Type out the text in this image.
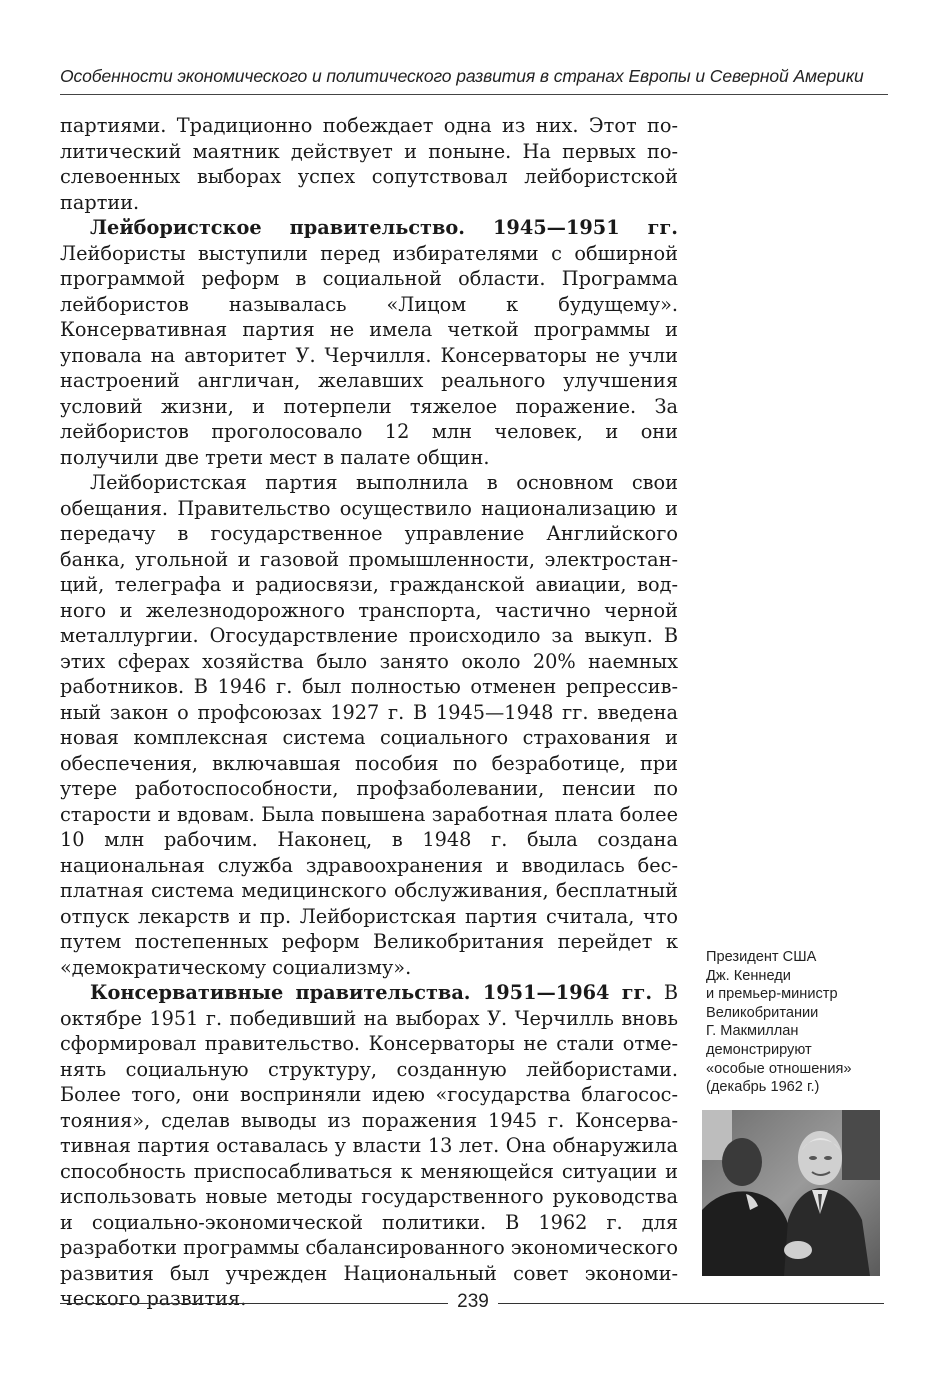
Особенности экономического и политического развития в странах Европы и Северной Америки

партиями. Традиционно побеждает одна из них. Этот политический маятник действует и поныне. На первых послевоенных выборах успех сопутствовал лейбористской партии.

Лейбористское правительство. 1945—1951 гг. Лейбористы выступили перед избирателями с обширной программой реформ в социальной области. Программа лейбористов называлась «Лицом к будущему». Консервативная партия не имела четкой программы и уповала на авторитет У. Черчилля. Консерваторы не учли настроений англичан, желавших реального улучшения условий жизни, и потерпели тяжелое поражение. За лейбористов проголосовало 12 млн человек, и они получили две трети мест в палате общин.

Лейбористская партия выполнила в основном свои обещания. Правительство осуществило национализацию и передачу в государственное управление Английского банка, угольной и газовой промышленности, электростанций, телеграфа и радиосвязи, гражданской авиации, водного и железнодорожного транспорта, частично черной металлургии. Огосударствление происходило за выкуп. В этих сферах хозяйства было занято около 20% наемных работников. В 1946 г. был полностью отменен репрессивный закон о профсоюзах 1927 г. В 1945—1948 гг. введена новая комплексная система социального страхования и обеспечения, включавшая пособия по безработице, при утере работоспособности, профзаболевании, пенсии по старости и вдовам. Была повышена заработная плата более 10 млн рабочим. Наконец, в 1948 г. была создана национальная служба здравоохранения и вводилась бесплатная система медицинского обслуживания, бесплатный отпуск лекарств и пр. Лейбористская партия считала, что путем постепенных реформ Великобритания перейдет к «демократическому социализму».

Консервативные правительства. 1951—1964 гг. В октябре 1951 г. победивший на выборах У. Черчилль вновь сформировал правительство. Консерваторы не стали отменять социальную структуру, созданную лейбористами. Более того, они восприняли идею «государства благосостояния», сделав выводы из поражения 1945 г. Консервативная партия оставалась у власти 13 лет. Она обнаружила способность приспосабливаться к меняющейся ситуации и использовать новые методы государственного руководства и социально-экономической политики. В 1962 г. для разработки программы сбалансированного экономического развития был учрежден Национальный совет экономического развития.

Президент США
Дж. Кеннеди
и премьер-министр
Великобритании
Г. Макмиллан
демонстрируют
«особые отношения»
(декабрь 1962 г.)
239
